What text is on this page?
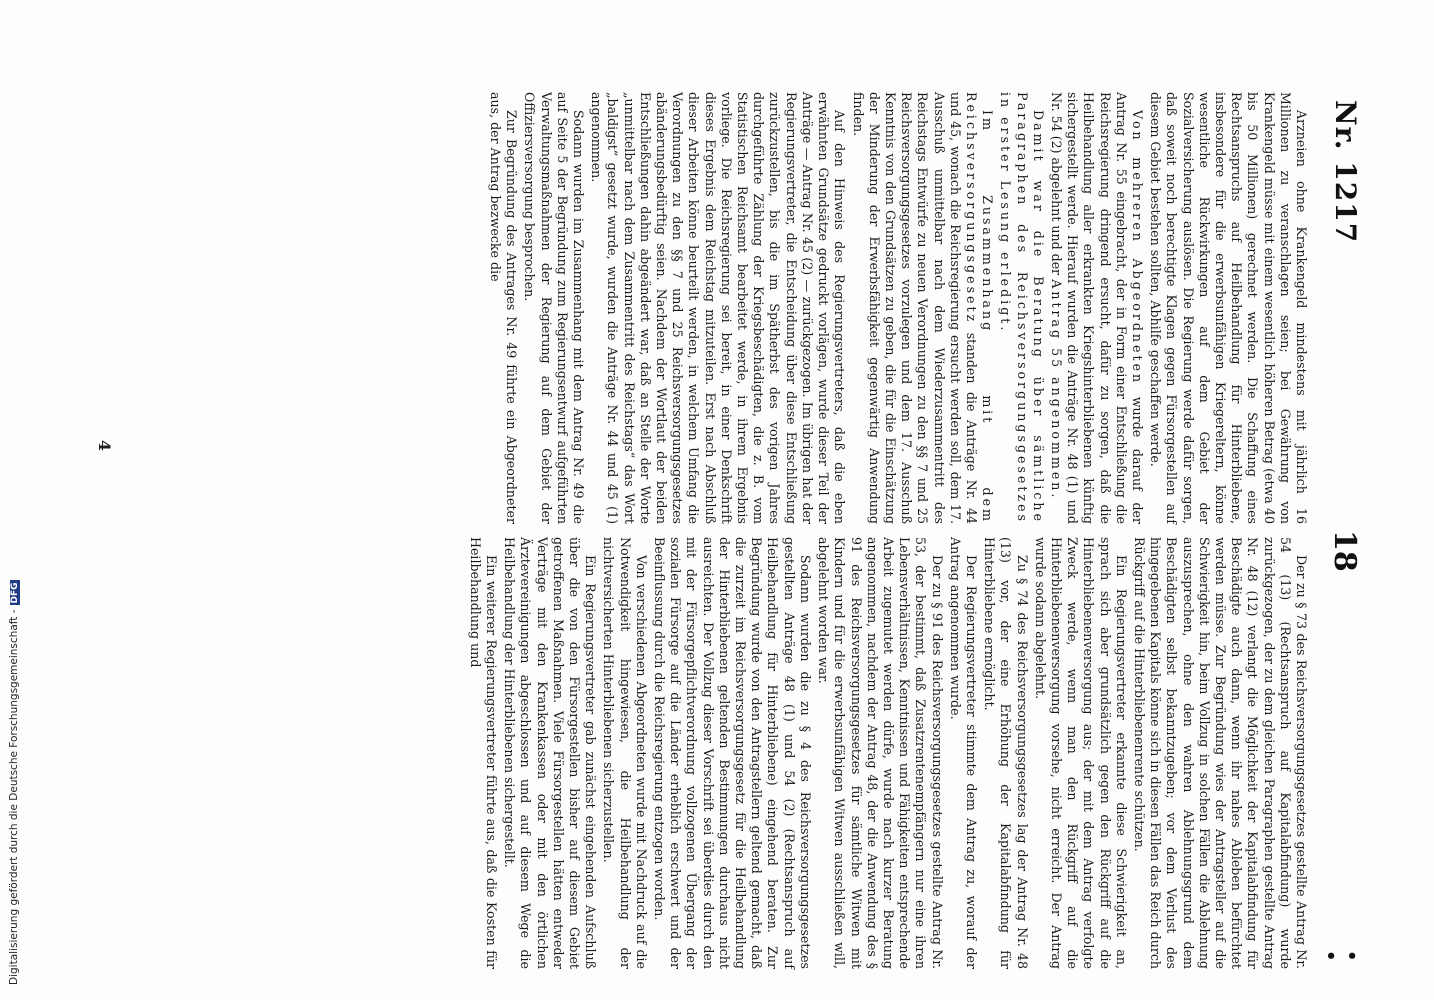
Nr. 1217
18
• •

Arzneien ohne Krankengeld mindestens mit jährlich 16 Millionen zu veranschlagen seien; bei Gewährung von Krankengeld müsse mit einem wesentlich höheren Betrag (etwa 40 bis 50 Millionen) gerechnet werden. Die Schaffung eines Rechtsanspruchs auf Heilbehandlung für Hinterbliebene, insbesondere für die erwerbsunfähigen Kriegereltern, könne wesentliche Rückwirkungen auf dem Gebiet der Sozialversicherung auslösen. Die Regierung werde dafür sorgen, daß soweit noch berechtigte Klagen gegen Fürsorgestellen auf diesem Gebiet bestehen sollten, Abhilfe geschaffen werde.

Von mehreren Abgeordneten wurde darauf der Antrag Nr. 55 eingebracht, der in Form einer Entschließung die Reichsregierung dringend ersucht, dafür zu sorgen, daß die Heilbehandlung aller erkrankten Kriegshinterbliebenen künftig sichergestellt werde. Hierauf wurden die Anträge Nr. 48 (1) und Nr. 54 (2) abgelehnt und der Antrag 55 angenommen.

Damit war die Beratung über sämtliche Paragraphen des Reichsversorgungsgesetzes in erster Lesung erledigt.

Im Zusammenhang mit dem Reichsversorgungsgesetz standen die Anträge Nr. 44 und 45, wonach die Reichsregierung ersucht werden soll, dem 17. Ausschuß unmittelbar nach dem Wiederzusammentritt des Reichstags Entwürfe zu neuen Verordnungen zu den §§ 7 und 25 Reichsversorgungsgesetzes vorzulegen und dem 17. Ausschuß Kenntnis von den Grundsätzen zu geben, die für die Einschätzung der Minderung der Erwerbsfähigkeit gegenwärtig Anwendung finden.

Auf den Hinweis des Regierungsvertreters, daß die eben erwähnten Grundsätze gedruckt vorlägen, wurde dieser Teil der Anträge — Antrag Nr. 45 (2) — zurückgezogen. Im übrigen hat der Regierungsvertreter, die Entscheidung über diese Entschließung zurückzustellen, bis die im Spätherbst des vorigen Jahres durchgeführte Zählung der Kriegsbeschädigten, die z. B. vom Statistischen Reichsamt bearbeitet werde, in ihrem Ergebnis vorliege. Die Reichsregierung sei bereit, in einer Denkschrift dieses Ergebnis dem Reichstag mitzuteilen. Erst nach Abschluß dieser Arbeiten könne beurteilt werden, in welchem Umfang die Verordnungen zu den §§ 7 und 25 Reichsversorgungsgesetzes abänderungsbedürftig seien. Nachdem der Wortlaut der beiden Entschließungen dahin abgeändert war, daß an Stelle der Worte „unmittelbar nach dem Zusammentritt des Reichstags“ das Wort „baldigst“ gesetzt wurde, wurden die Anträge Nr. 44 und 45 (1) angenommen.

Sodann wurden im Zusammenhang mit dem Antrag Nr. 49 die auf Seite 5 der Begründung zum Regierungsentwurf aufgeführten Verwaltungsmaßnahmen der Regierung auf dem Gebiet der Offiziersversorgung besprochen.

Zur Begründung des Antrages Nr. 49 führte ein Abgeordneter aus, der Antrag bezwecke die

Der zu § 73 des Reichsversorgungsgesetzes gestellte Antrag Nr. 54 (13) (Rechtsanspruch auf Kapitalabfindung) wurde zurückgezogen, der zu dem gleichen Paragraphen gestellte Antrag Nr. 48 (12) verlangt die Möglichkeit der Kapitalabfindung für Beschädigte auch dann, wenn ihr nahes Ableben befürchtet werden müsse. Zur Begründung wies der Antragsteller auf die Schwierigkeit hin, beim Vollzug in solchen Fällen die Ablehnung auszusprechen, ohne den wahren Ablehnungsgrund dem Beschädigten selbst bekanntzugeben; vor dem Verlust des hingegebenen Kapitals könne sich in diesen Fällen das Reich durch Rückgriff auf die Hinterbliebenenrente schützen.

Ein Regierungsvertreter erkannte diese Schwierigkeit an, sprach sich aber grundsätzlich gegen den Rückgriff auf die Hinterbliebenenversorgung aus; der mit dem Antrag verfolgte Zweck werde, wenn man den Rückgriff auf die Hinterbliebenenversorgung vorsehe, nicht erreicht. Der Antrag wurde sodann abgelehnt.

Zu § 74 des Reichsversorgungsgesetzes lag der Antrag Nr. 48 (13) vor, der eine Erhöhung der Kapitalabfindung für Hinterbliebene ermöglicht.

Der Regierungsvertreter stimmte dem Antrag zu, worauf der Antrag angenommen wurde.

Der zu § 91 des Reichsversorgungsgesetzes gestellte Antrag Nr. 53, der bestimmt, daß Zusatzrentenempfängern nur eine ihren Lebensverhältnissen, Kenntnissen und Fähigkeiten entsprechende Arbeit zugemutet werden dürfe, wurde nach kurzer Beratung angenommen, nachdem der Antrag 48, der die Anwendung des § 91 des Reichsversorgungsgesetzes für sämtliche Witwen mit Kindern und für die erwerbsunfähigen Witwen ausschließen will, abgelehnt worden war.

Sodann wurden die zu § 4 des Reichsversorgungsgesetzes gestellten Anträge 48 (1) und 54 (2) (Rechtsanspruch auf Heilbehandlung für Hinterbliebene) eingehend beraten. Zur Begründung wurde von den Antragstellern geltend gemacht, daß die zurzeit im Reichsversorgungsgesetz für die Heilbehandlung der Hinterbliebenen geltenden Bestimmungen durchaus nicht ausreichten. Der Vollzug dieser Vorschrift sei überdies durch den mit der Fürsorgepflichtverordnung vollzogenen Übergang der sozialen Fürsorge auf die Länder erheblich erschwert und der Beeinflussung durch die Reichsregierung entzogen worden.

Von verschiedenen Abgeordneten wurde mit Nachdruck auf die Notwendigkeit hingewiesen, die Heilbehandlung der nichtversicherten Hinterbliebenen sicherzustellen.

Ein Regierungsvertreter gab zunächst eingehenden Aufschluß über die von den Fürsorgestellen bisher auf diesem Gebiet getroffenen Maßnahmen. Viele Fürsorgestellen hätten entweder Verträge mit den Krankenkassen oder mit den örtlichen Ärztevereinigungen abgeschlossen und auf diesem Wege die Heilbehandlung der Hinterbliebenen sichergestellt.

Ein weiterer Regierungsvertreter führte aus, daß die Kosten für Heilbehandlung und

4
Digitalisierung gefördert durch die Deutsche Forschungsgemeinschaft -DFG
